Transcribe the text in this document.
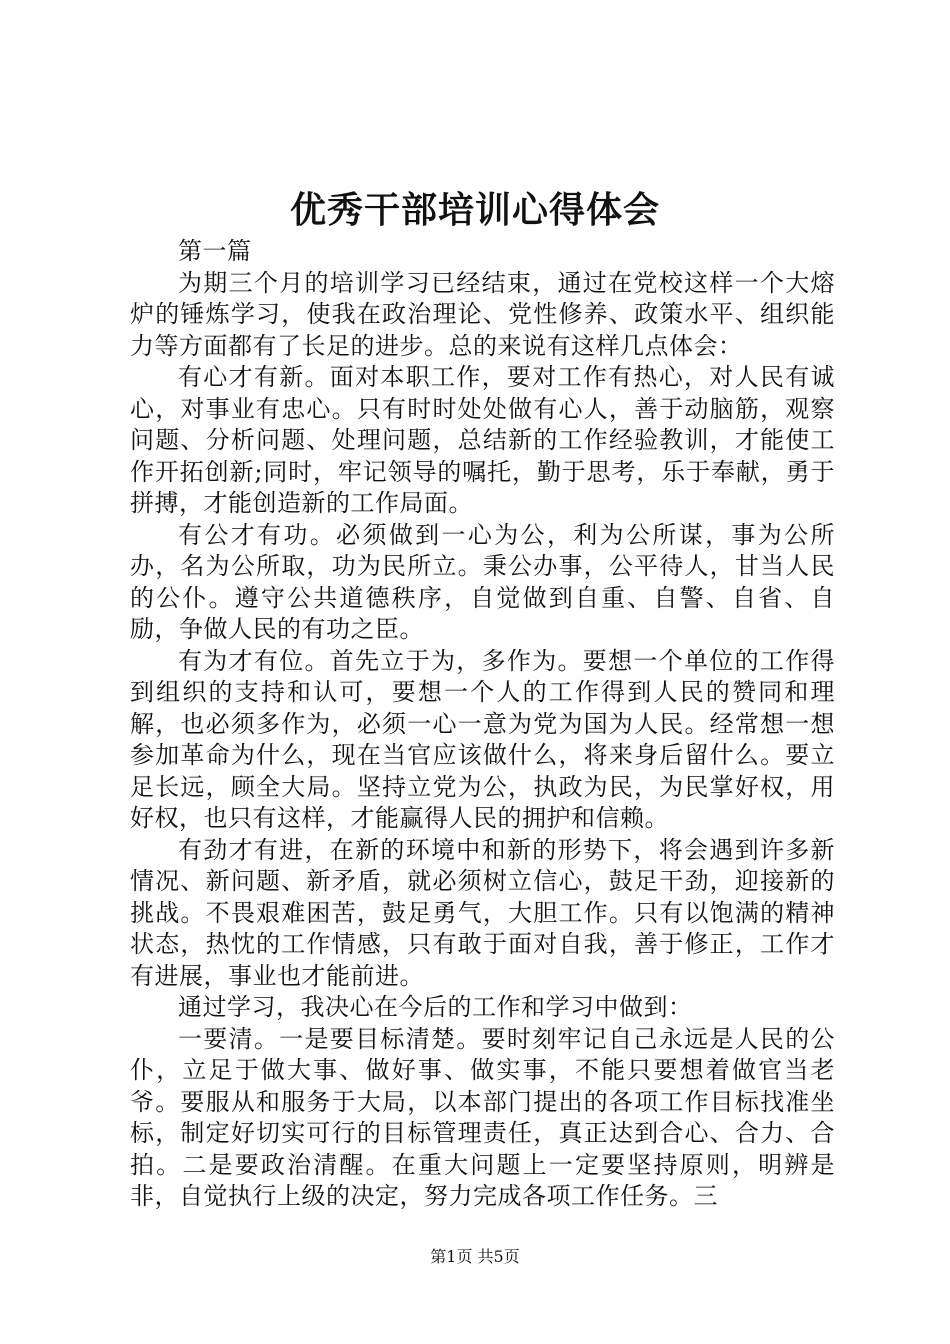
优秀干部培训心得体会

第一篇

为期三个月的培训学习已经结束，通过在党校这样一个大熔炉的锤炼学习，使我在政治理论、党性修养、政策水平、组织能力等方面都有了长足的进步。总的来说有这样几点体会：

有心才有新。面对本职工作，要对工作有热心，对人民有诚心，对事业有忠心。只有时时处处做有心人，善于动脑筋，观察问题、分析问题、处理问题，总结新的工作经验教训，才能使工作开拓创新;同时，牢记领导的嘱托，勤于思考，乐于奉献，勇于拼搏，才能创造新的工作局面。

有公才有功。必须做到一心为公，利为公所谋，事为公所办，名为公所取，功为民所立。秉公办事，公平待人，甘当人民的公仆。遵守公共道德秩序，自觉做到自重、自警、自省、自励，争做人民的有功之臣。

有为才有位。首先立于为，多作为。要想一个单位的工作得到组织的支持和认可，要想一个人的工作得到人民的赞同和理解，也必须多作为，必须一心一意为党为国为人民。经常想一想参加革命为什么，现在当官应该做什么，将来身后留什么。要立足长远，顾全大局。坚持立党为公，执政为民，为民掌好权，用好权，也只有这样，才能赢得人民的拥护和信赖。

有劲才有进，在新的环境中和新的形势下，将会遇到许多新情况、新问题、新矛盾，就必须树立信心，鼓足干劲，迎接新的挑战。不畏艰难困苦，鼓足勇气，大胆工作。只有以饱满的精神状态，热忱的工作情感，只有敢于面对自我，善于修正，工作才有进展，事业也才能前进。

通过学习，我决心在今后的工作和学习中做到：

一要清。一是要目标清楚。要时刻牢记自己永远是人民的公仆，立足于做大事、做好事、做实事，不能只要想着做官当老爷。要服从和服务于大局，以本部门提出的各项工作目标找准坐标，制定好切实可行的目标管理责任，真正达到合心、合力、合拍。二是要政治清醒。在重大问题上一定要坚持原则，明辨是非，自觉执行上级的决定，努力完成各项工作任务。三

第1页 共5页
